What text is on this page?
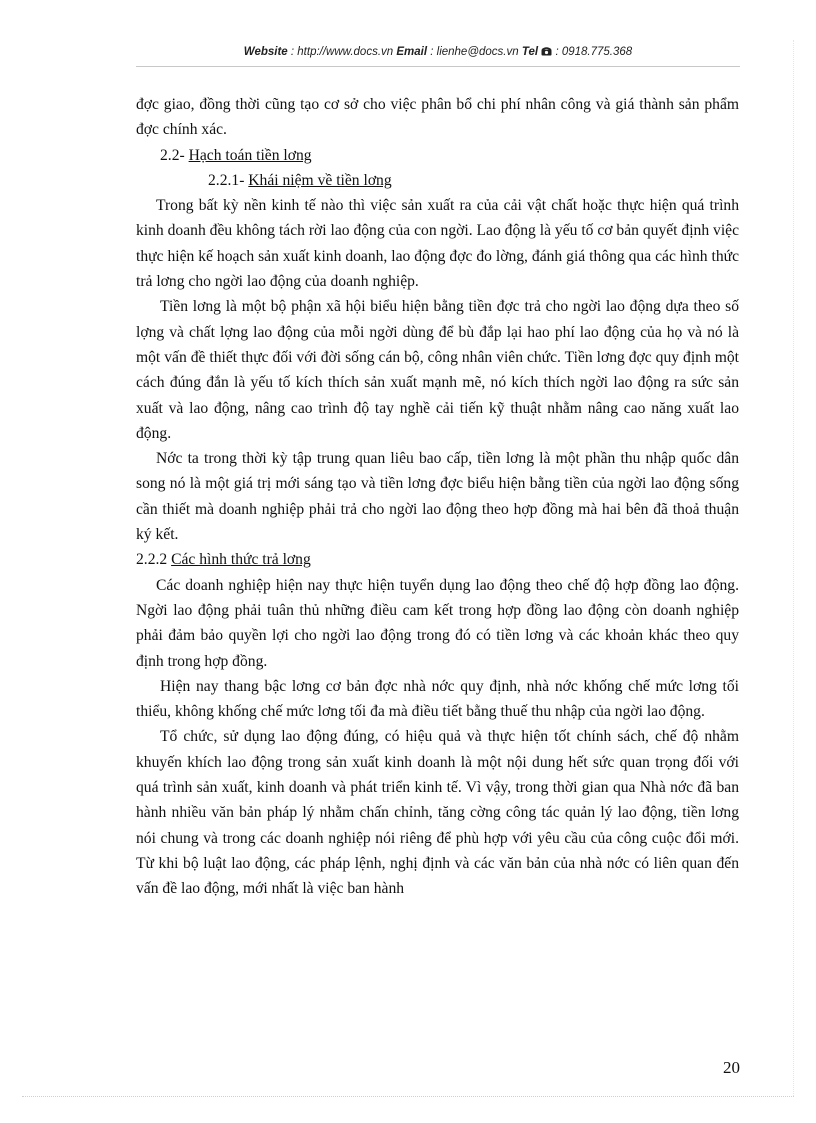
Website : http://www.docs.vn Email : lienhe@docs.vn Tel : 0918.775.368

đợc giao, đồng thời cũng tạo cơ sở cho việc phân bổ chi phí nhân công và giá thành sản phẩm đợc chính xác.

2.2- Hạch toán tiền lơng

2.2.1- Khái niệm về tiền lơng

Trong bất kỳ nền kinh tế nào thì việc sản xuất ra của cải vật chất hoặc thực hiện quá trình kinh doanh đều không tách rời lao động của con ngời. Lao động là yếu tố cơ bản quyết định việc thực hiện kế hoạch sản xuất kinh doanh, lao động đợc đo lờng, đánh giá thông qua các hình thức trả lơng cho ngời lao động của doanh nghiệp.

Tiền lơng là một bộ phận xã hội biểu hiện bằng tiền đợc trả cho ngời lao động dựa theo số lợng và chất lợng lao động của mỗi ngời dùng để bù đắp lại hao phí lao động của họ và nó là một vấn đề thiết thực đối với đời sống cán bộ, công nhân viên chức. Tiền lơng đợc quy định một cách đúng đắn là yếu tố kích thích sản xuất mạnh mẽ, nó kích thích ngời lao động ra sức sản xuất và lao động, nâng cao trình độ tay nghề cải tiến kỹ thuật nhằm nâng cao năng xuất lao động.

Nớc ta trong thời kỳ tập trung quan liêu bao cấp, tiền lơng là một phần thu nhập quốc dân song nó là một giá trị mới sáng tạo và tiền lơng đợc biểu hiện bằng tiền của ngời lao động sống cần thiết mà doanh nghiệp phải trả cho ngời lao động theo hợp đồng mà hai bên đã thoả thuận ký kết.

2.2.2 Các hình thức trả lơng

Các doanh nghiệp hiện nay thực hiện tuyển dụng lao động theo chế độ hợp đồng lao động. Ngời lao động phải tuân thủ những điều cam kết trong hợp đồng lao động còn doanh nghiệp phải đảm bảo quyền lợi cho ngời lao động trong đó có tiền lơng và các khoản khác theo quy định trong hợp đồng.

Hiện nay thang bậc lơng cơ bản đợc nhà nớc quy định, nhà nớc khống chế mức lơng tối thiểu, không khống chế mức lơng tối đa mà điều tiết bằng thuế thu nhập của ngời lao động.

Tổ chức, sử dụng lao động đúng, có hiệu quả và thực hiện tốt chính sách, chế độ nhằm khuyến khích lao động trong sản xuất kinh doanh là một nội dung hết sức quan trọng đối với quá trình sản xuất, kinh doanh và phát triển kinh tế. Vì vậy, trong thời gian qua Nhà nớc đã ban hành nhiều văn bản pháp lý nhằm chấn chỉnh, tăng cờng công tác quản lý lao động, tiền lơng nói chung và trong các doanh nghiệp nói riêng để phù hợp với yêu cầu của công cuộc đổi mới. Từ khi bộ luật lao động, các pháp lệnh, nghị định và các văn bản của nhà nớc có liên quan đến vấn đề lao động, mới nhất là việc ban hành

20
